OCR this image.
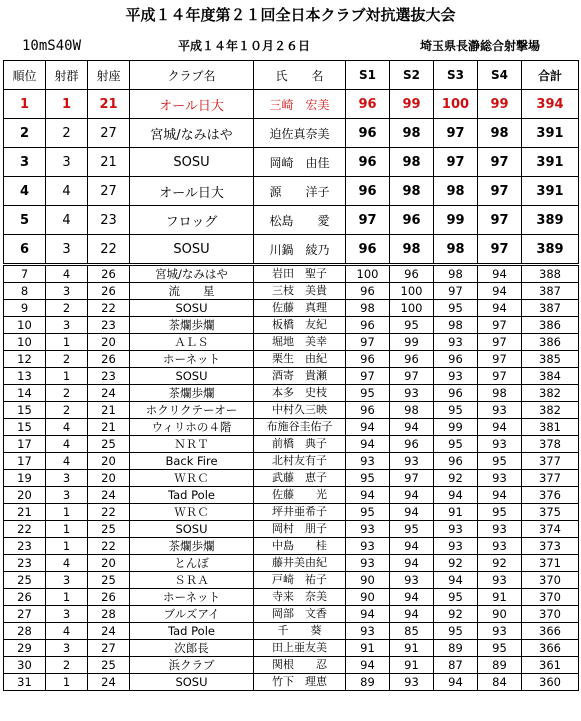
平成１４年度第２１回全日本クラブ対抗選抜大会
10mS40W	平成１４年１０月２６日	埼玉県長瀞総合射撃場
順位	射群	射座	クラブ名	氏　　名	S1	S2	S3	S4	合計
1	1	21	オール日大	三崎　宏美	96	99	100	99	394
2	2	27	宮城/なみはや	迫佐真奈美	96	98	97	98	391
3	3	21	SOSU	岡崎　由佳	96	98	97	97	391
4	4	27	オール日大	源　　洋子	96	98	98	97	391
5	4	23	フロッグ	松島　　愛	97	96	99	97	389
6	3	22	SOSU	川鍋　綾乃	96	98	98	97	389
7	4	26	宮城/なみはや	岩田　聖子	100	96	98	94	388
8	3	26	流　　星	三枝　美貴	96	100	97	94	387
9	2	22	SOSU	佐藤　真理	98	100	95	94	387
10	3	23	茶爛歩爛	板橋　友紀	96	95	98	97	386
10	1	20	ＡＬＳ	堀地　美幸	97	99	93	97	386
12	2	26	ホーネット	栗生　由紀	96	96	96	97	385
13	1	23	SOSU	酒寄　貴瀬	97	97	93	97	384
14	2	24	茶爛歩爛	本多　史枝	95	93	96	98	382
15	2	21	ホクリクテーオー	中村久三映	96	98	95	93	382
15	4	21	ウィリホの４階	布施谷圭佑子	94	94	99	94	381
17	4	25	ＮＲＴ	前橋　典子	94	96	95	93	378
17	4	20	Back Fire	北村友有子	93	93	96	95	377
19	3	20	ＷＲＣ	武藤　恵子	95	97	92	93	377
20	3	24	Tad Pole	佐藤　　光	94	94	94	94	376
21	1	22	ＷＲＣ	坪井亜希子	95	94	91	95	375
22	1	25	SOSU	岡村　朋子	93	95	93	93	374
23	1	22	茶爛歩爛	中島　　桂	93	94	93	93	373
23	4	20	とんぼ	藤井美由紀	93	94	92	92	371
25	3	25	ＳＲＡ	戸崎　祐子	90	93	94	93	370
26	1	26	ホーネット	寺来　奈美	90	94	95	91	370
27	3	28	ブルズアイ	岡部　文香	94	94	92	90	370
28	4	24	Tad Pole	千　　葵	93	85	95	93	366
29	3	27	次郎長	田上亜友美	91	91	89	95	366
30	2	25	浜クラブ	関根　　忍	94	91	87	89	361
31	1	24	SOSU	竹下　理恵	89	93	94	84	360
